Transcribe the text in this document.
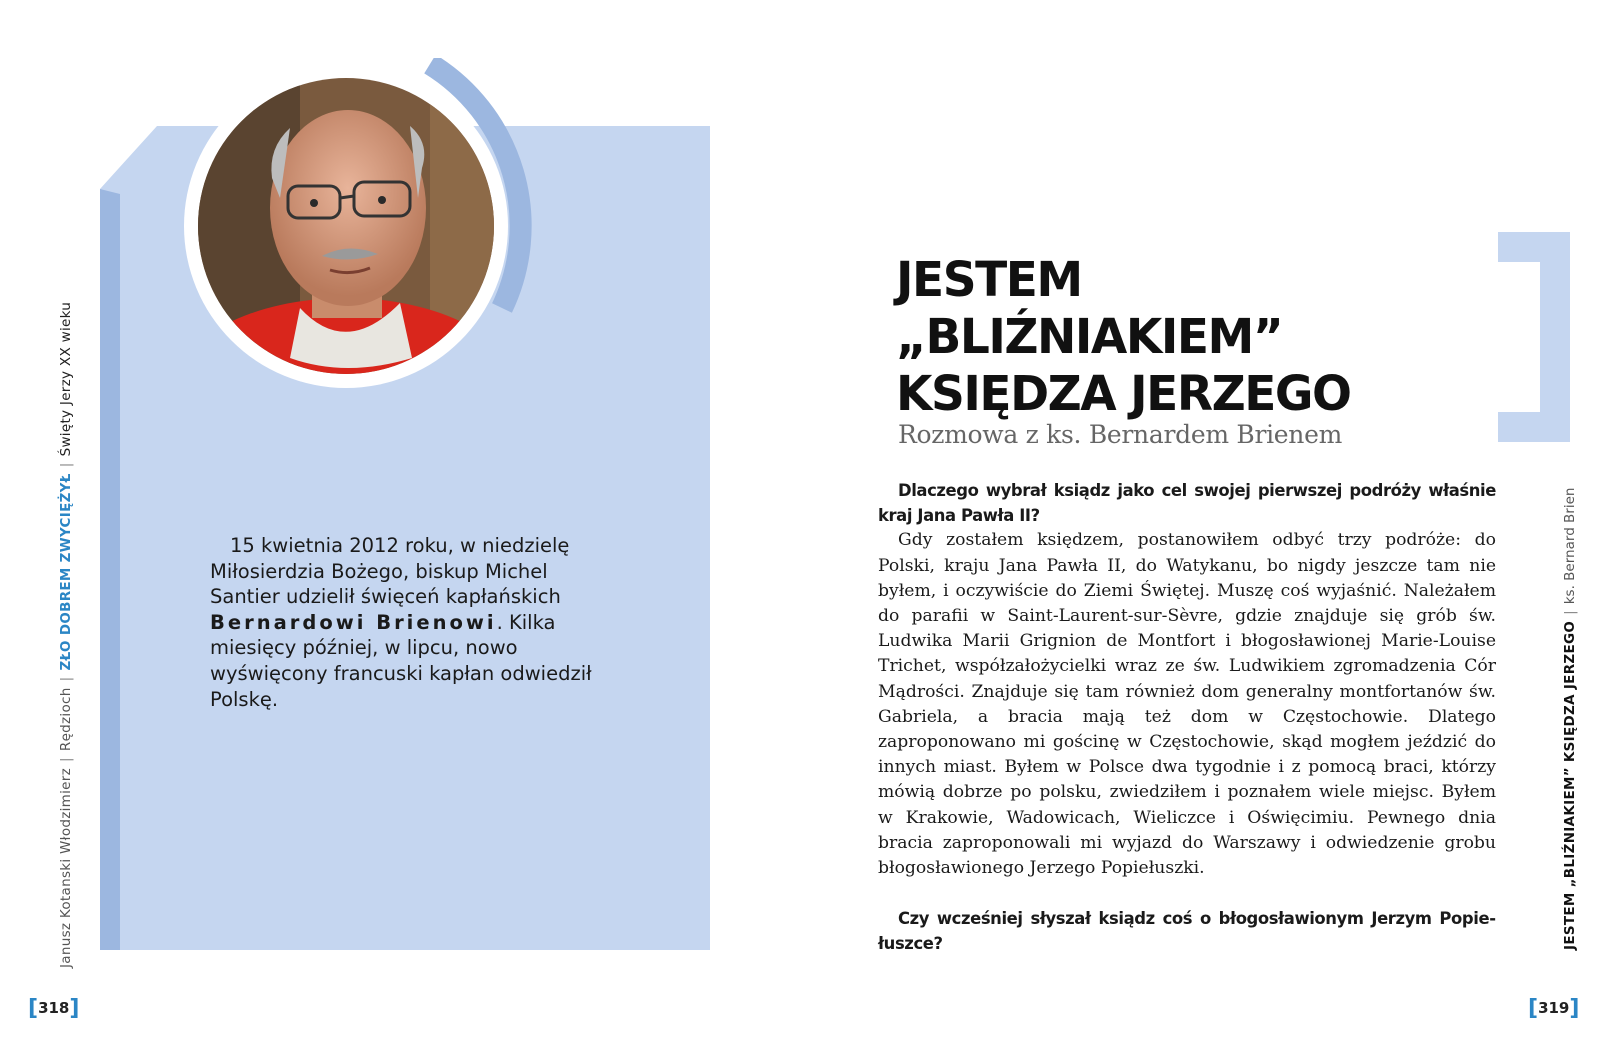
15 kwietnia 2012 roku, w niedzielę Miłosierdzia Bożego, biskup Michel Santier udzielił święceń kapłańskich Bernardowi Brienowi. Kilka miesięcy później, w lipcu, nowo wyświęcony francuski kapłan odwiedził Polskę.
Janusz Kotanski Włodzimierz|Rędzioch|ZŁO DOBREM ZWYCIĘŻYŁ|Święty Jerzy XX wieku
[318]
JESTEM
„BLIŹNIAKIEM”
KSIĘDZA JERZEGO
Rozmowa z ks. Bernardem Brienem

Dlaczego wybrał ksiądz jako cel swojej pierwszej podróży właśnie kraj Jana Pawła II?

Gdy zostałem księdzem, postanowiłem odbyć trzy podróże: do Polski, kraju Jana Pawła II, do Watykanu, bo nigdy jeszcze tam nie byłem, i oczywiście do Ziemi Świętej. Muszę coś wyjaśnić. Należałem do parafii w Saint-Laurent-sur-Sèvre, gdzie znajduje się grób św. Ludwika Marii Grignion de Montfort i błogosławionej Marie-Louise Trichet, współzałożycielki wraz ze św. Ludwikiem zgromadzenia Cór Mądrości. Znajduje się tam również dom generalny montfortanów św. Gabriela, a bracia mają też dom w Częstochowie. Dlatego zaproponowano mi gościnę w Częstochowie, skąd mogłem jeździć do innych miast. Byłem w Polsce dwa tygodnie i z pomocą braci, którzy mówią dobrze po polsku, zwiedziłem i poznałem wiele miejsc. Byłem w Krakowie, Wadowicach, Wieliczce i Oświęcimiu. Pewnego dnia bracia zaproponowali mi wyjazd do Warszawy i odwiedzenie grobu błogosławionego Jerzego Popiełuszki.

Czy wcześniej słyszał ksiądz coś o błogosławionym Jerzym Popiełuszce?	JESTEM „BLIŹNIAKIEM” KSIĘDZA JERZEGO|ks. Bernard Brien
[319]
